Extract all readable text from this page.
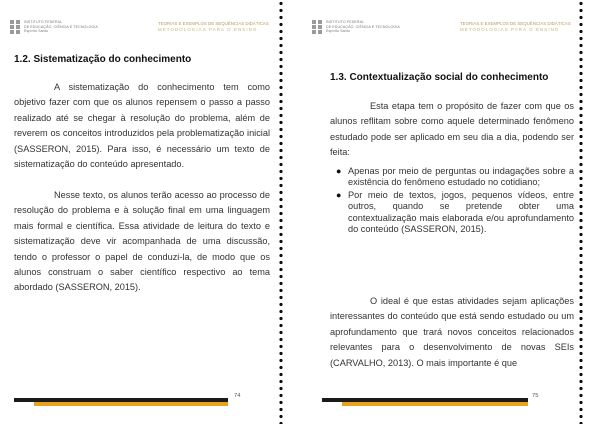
INSTITUTO FEDERAL
DE EDUCAÇÃO, CIÊNCIA E TECNOLOGIA
Espírito Santo
TEORIAS E EXEMPLOS DE SEQUÊNCIAS DIDÁTICAS
METODOLOGIAS PARA O ENSINO
1.2. Sistematização do conhecimento

A sistematização do conhecimento tem como objetivo fazer com que os alunos repensem o passo a passo realizado até se chegar à resolução do problema, além de reverem os conceitos introduzidos pela problematização inicial (SASSERON, 2015). Para isso, é necessário um texto de sistematização do conteúdo apresentado.

Nesse texto, os alunos terão acesso ao processo de resolução do problema e à solução final em uma linguagem mais formal e científica. Essa atividade de leitura do texto e sistematização deve vir acompanhada de uma discussão, tendo o professor o papel de conduzi-la, de modo que os alunos construam o saber científico respectivo ao tema abordado (SASSERON, 2015).

74
INSTITUTO FEDERAL
DE EDUCAÇÃO, CIÊNCIA E TECNOLOGIA
Espírito Santo
TEORIAS E EXEMPLOS DE SEQUÊNCIAS DIDÁTICAS
METODOLOGIAS PARA O ENSINO
1.3. Contextualização social do conhecimento

Esta etapa tem o propósito de fazer com que os alunos reflitam sobre como aquele determinado fenômeno estudado pode ser aplicado em seu dia a dia, podendo ser feita:

● Apenas por meio de perguntas ou indagações sobre a existência do fenômeno estudado no cotidiano;
● Por meio de textos, jogos, pequenos vídeos, entre outros, quando se pretende obter uma contextualização mais elaborada e/ou aprofundamento do conteúdo (SASSERON, 2015).

O ideal é que estas atividades sejam aplicações interessantes do conteúdo que está sendo estudado ou um aprofundamento que trará novos conceitos relacionados relevantes para o desenvolvimento de novas SEIs (CARVALHO, 2013). O mais importante é que

75
